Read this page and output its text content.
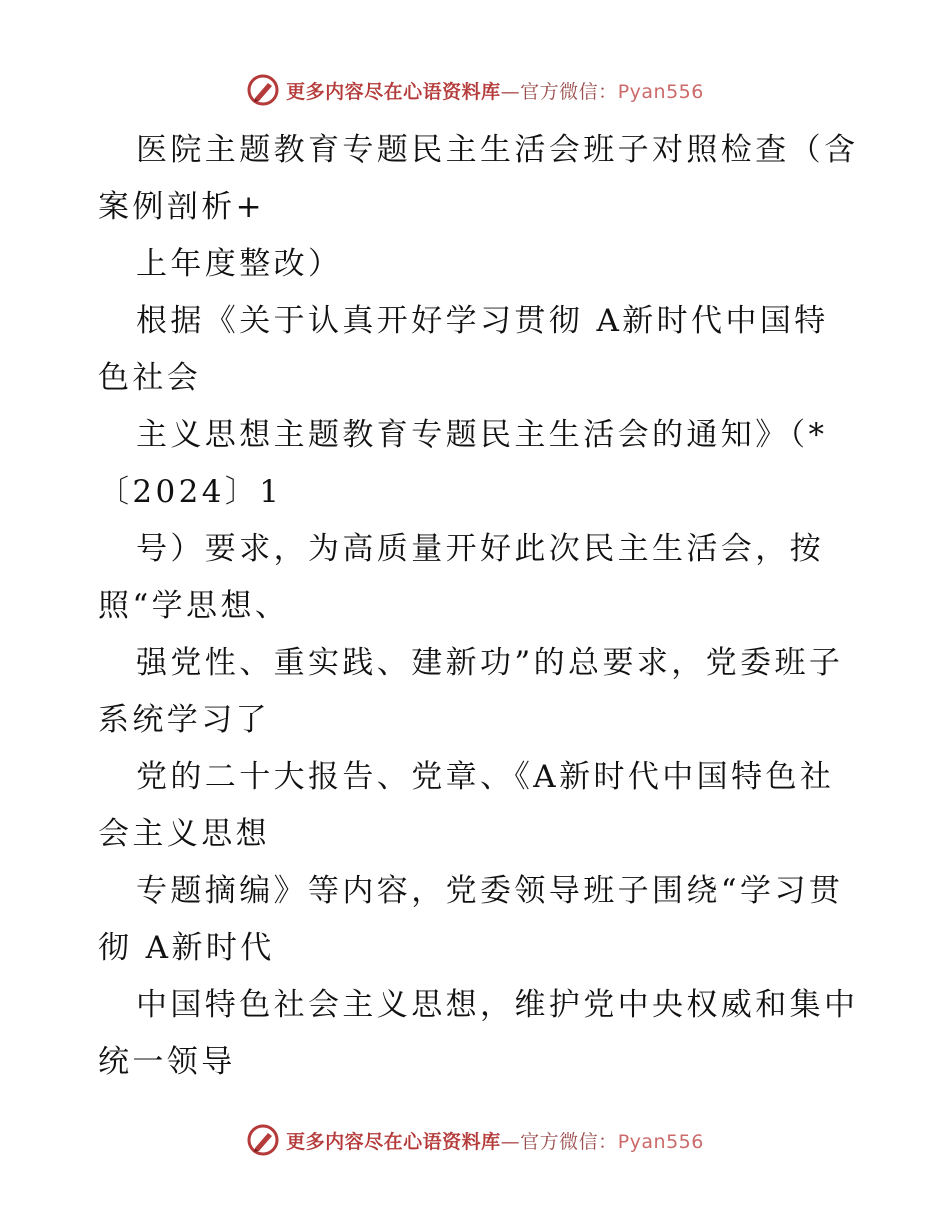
更多内容尽在心语资料库—官方微信：Pyan556
医院主题教育专题民主生活会班子对照检查（含
案例剖析+
上年度整改）
根据《关于认真开好学习贯彻 A新时代中国特
色社会
主义思想主题教育专题民主生活会的通知》（*
〔2024〕1
号）要求，为高质量开好此次民主生活会，按
照“学思想、
强党性、重实践、建新功”的总要求，党委班子
系统学习了
党的二十大报告、党章、《A新时代中国特色社
会主义思想
专题摘编》等内容，党委领导班子围绕“学习贯
彻 A新时代
中国特色社会主义思想，维护党中央权威和集中
统一领导
更多内容尽在心语资料库—官方微信：Pyan556
